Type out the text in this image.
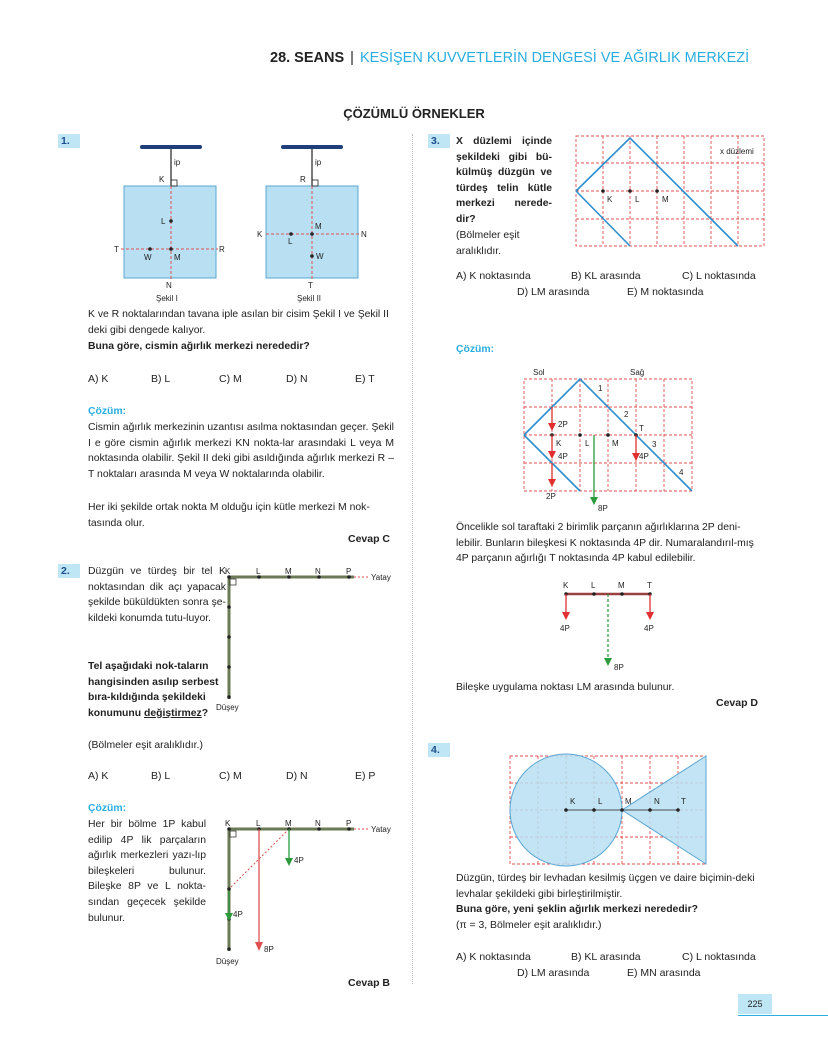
28. SEANS | KESİŞEN KUVVETLERİN DENGESİ VE AĞIRLIK MERKEZİ
ÇÖZÜMLÜ ÖRNEKLER
1.
ip
K
L
T
W	M
R
N
Şekil I
ip
R
K
M
L
N
W
T
Şekil II
K ve R noktalarından tavana iple asılan bir cisim Şekil I ve Şekil II deki gibi dengede kalıyor.
Buna göre, cismin ağırlık merkezi nerededir?
A) K	B) L	C) M	D) N	E) T
Çözüm:
Cismin ağırlık merkezinin uzantısı asılma noktasından geçer. Şekil I e göre cismin ağırlık merkezi KN nokta-lar arasındaki L veya M noktasında olabilir. Şekil II deki gibi asıldığında ağırlık merkezi R – T noktaları arasında M veya W noktalarında olabilir.
Her iki şekilde ortak nokta M olduğu için kütle merkezi M nok-tasında olur.
Cevap C
2.	Düzgün ve türdeş bir tel K noktasından dik açı yapacak şekilde büküldükten sonra şe-kildeki konumda tutu-luyor.
Tel aşağıdaki nok-taların hangisinden asılıp serbest bıra-kıldığında şekildeki konumunu değiştirmez?
(Bölmeler eşit aralıklıdır.)
K	L	M	N	P
Yatay
Düşey
A) K	B) L	C) M	D) N	E) P
Çözüm:
Her bir bölme 1P kabul edilip 4P lik parçaların ağırlık merkezleri yazı-lıp bileşkeleri bulunur. Bileşke 8P ve L nokta-sından geçecek şekilde bulunur.
K	L	M	N	P
Yatay
4P
4P
8P
Düşey
Cevap B
3.	X düzlemi içinde şekildeki gibi bü-külmüş düzgün ve türdeş telin kütle merkezi nerede-dir?
(Bölmeler eşit aralıklıdır.
x düzlemi
K	L	M
A) K noktasında	B) KL arasında	C) L noktasında
D) LM arasında	E) M noktasında
Çözüm:
Sol	Sağ
1
2
3
4
T
K	L	M
2P
4P
2P
4P
8P
Öncelikle sol taraftaki 2 birimlik parçanın ağırlıklarına 2P deni-lebilir. Bunların bileşkesi K noktasında 4P dir. Numaralandırıl-mış 4P parçanın ağırlığı T noktasında 4P kabul edilebilir.
K	L	M	T
4P	4P
8P
Bileşke uygulama noktası LM arasında bulunur.
Cevap D
4.
K	L	M	N	T
Düzgün, türdeş bir levhadan kesilmiş üçgen ve daire biçimin-deki levhalar şekildeki gibi birleştirilmiştir.
Buna göre, yeni şeklin ağırlık merkezi nerededir?
(π = 3, Bölmeler eşit aralıklıdır.)
A) K noktasında	B) KL arasında	C) L noktasında
D) LM arasında	E) MN arasında
225
